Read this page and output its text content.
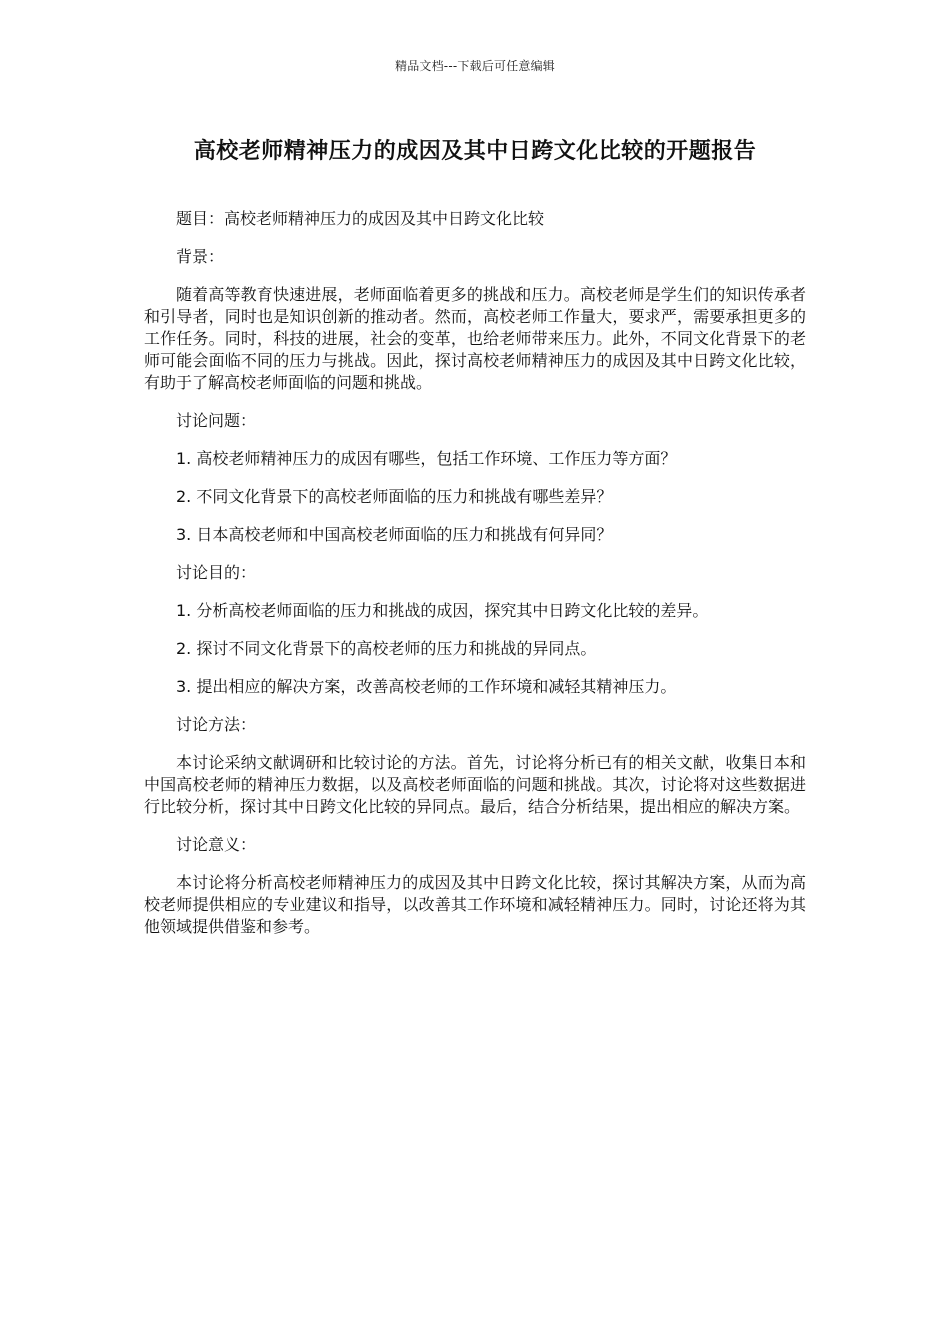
精品文档---下载后可任意编辑
高校老师精神压力的成因及其中日跨文化比较的开题报告

题目：高校老师精神压力的成因及其中日跨文化比较

背景：

随着高等教育快速进展，老师面临着更多的挑战和压力。高校老师是学生们的知识传承者和引导者，同时也是知识创新的推动者。然而，高校老师工作量大，要求严，需要承担更多的工作任务。同时，科技的进展，社会的变革，也给老师带来压力。此外，不同文化背景下的老师可能会面临不同的压力与挑战。因此，探讨高校老师精神压力的成因及其中日跨文化比较，有助于了解高校老师面临的问题和挑战。

讨论问题：

1. 高校老师精神压力的成因有哪些，包括工作环境、工作压力等方面？

2. 不同文化背景下的高校老师面临的压力和挑战有哪些差异？

3. 日本高校老师和中国高校老师面临的压力和挑战有何异同？

讨论目的：

1. 分析高校老师面临的压力和挑战的成因，探究其中日跨文化比较的差异。

2. 探讨不同文化背景下的高校老师的压力和挑战的异同点。

3. 提出相应的解决方案，改善高校老师的工作环境和减轻其精神压力。

讨论方法：

本讨论采纳文献调研和比较讨论的方法。首先，讨论将分析已有的相关文献，收集日本和中国高校老师的精神压力数据，以及高校老师面临的问题和挑战。其次，讨论将对这些数据进行比较分析，探讨其中日跨文化比较的异同点。最后，结合分析结果，提出相应的解决方案。

讨论意义：

本讨论将分析高校老师精神压力的成因及其中日跨文化比较，探讨其解决方案，从而为高校老师提供相应的专业建议和指导，以改善其工作环境和减轻精神压力。同时，讨论还将为其他领域提供借鉴和参考。
